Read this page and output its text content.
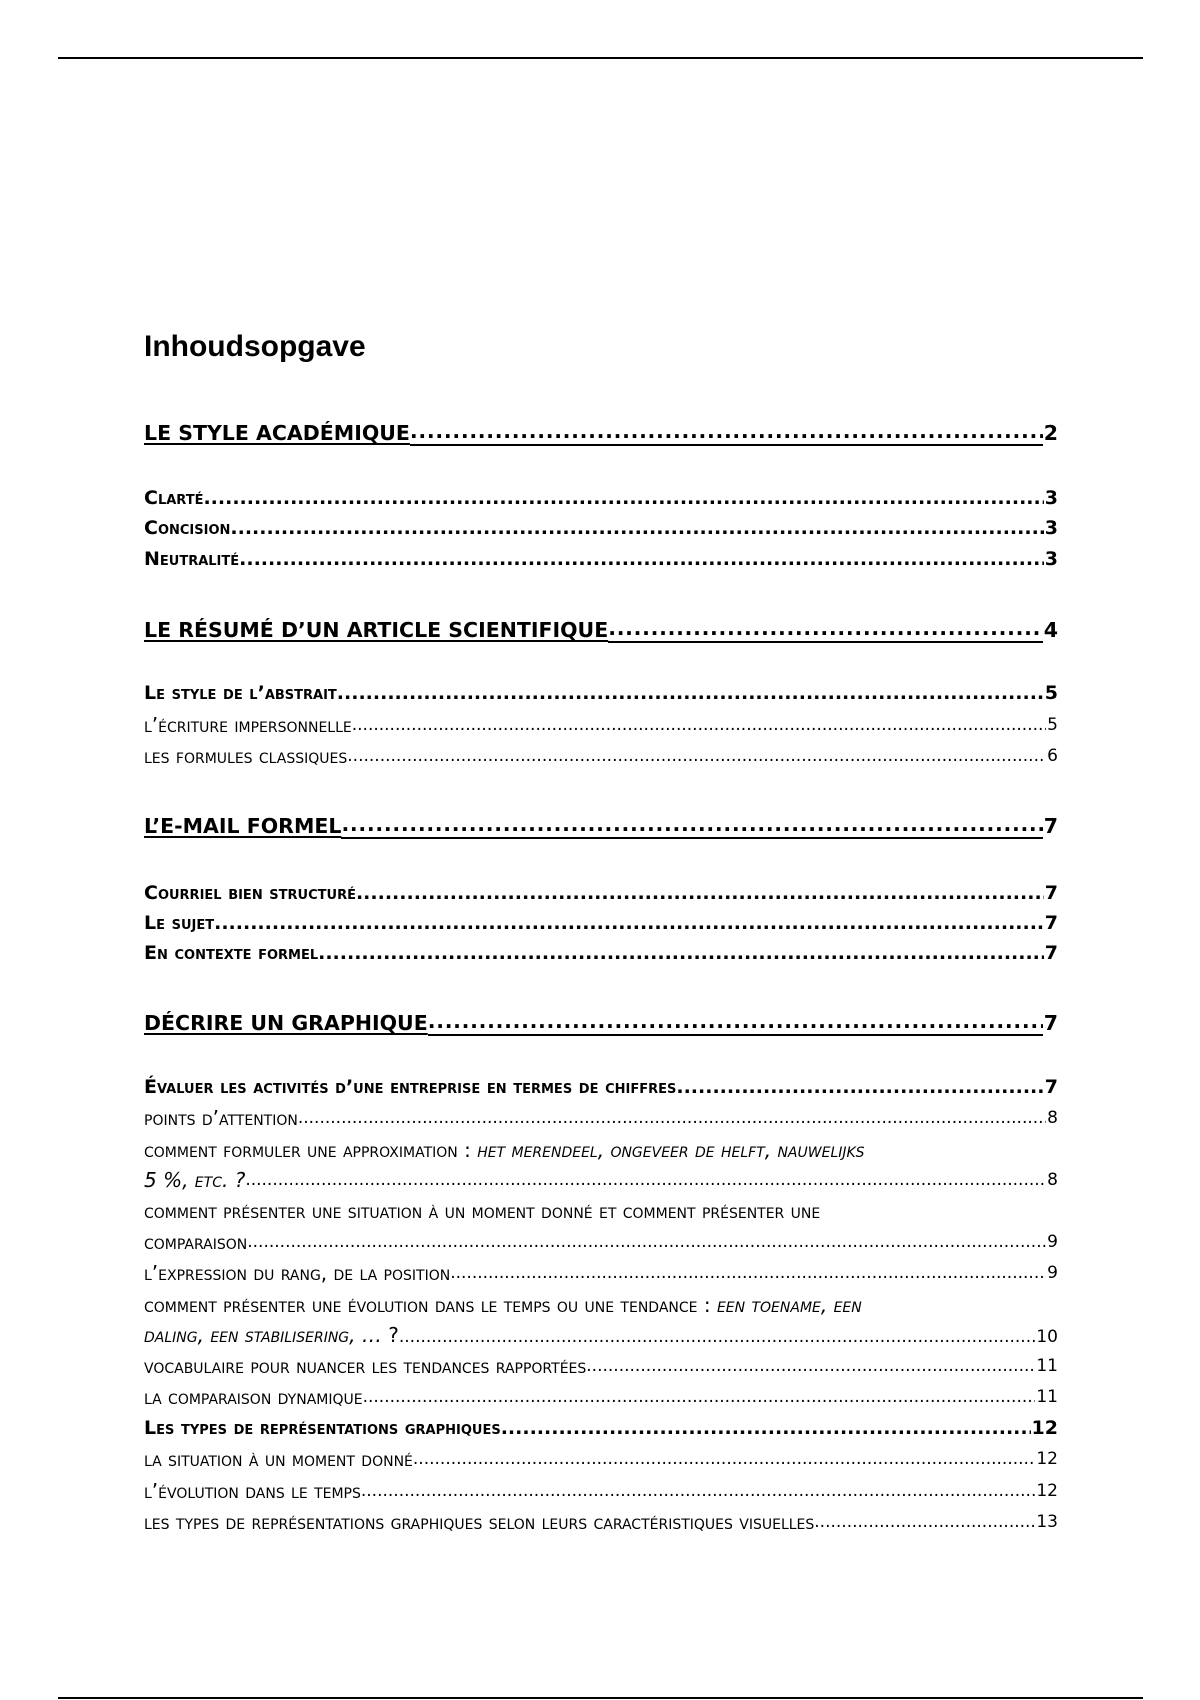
Inhoudsopgave
LE STYLE ACADÉMIQUE .....	2
Clarté .....	3
Concision .....	3
Neutralité .....	3
LE RÉSUMÉ D’UN ARTICLE SCIENTIFIQUE .....	4
Le style de l’abstrait .....	5
l’écriture impersonnelle .....	5
les formules classiques .....	6
L’E-MAIL FORMEL .....	7
Courriel bien structuré .....	7
Le sujet .....	7
En contexte formel .....	7
DÉCRIRE UN GRAPHIQUE .....	7
Évaluer les activités d’une entreprise en termes de chiffres .....	7
points d’attention .....	8
comment formuler une approximation : het merendeel, ongeveer de helft, nauwelijks
5 %, etc. ? .....	8
comment présenter une situation à un moment donné et comment présenter une
comparaison .....	9
l’expression du rang, de la position .....	9
comment présenter une évolution dans le temps ou une tendance : een toename, een
daling, een stabilisering, … ? .....	10
vocabulaire pour nuancer les tendances rapportées .....	11
la comparaison dynamique .....	11
Les types de représentations graphiques .....	12
la situation à un moment donné .....	12
l’évolution dans le temps .....	12
les types de représentations graphiques selon leurs caractéristiques visuelles .....	13
